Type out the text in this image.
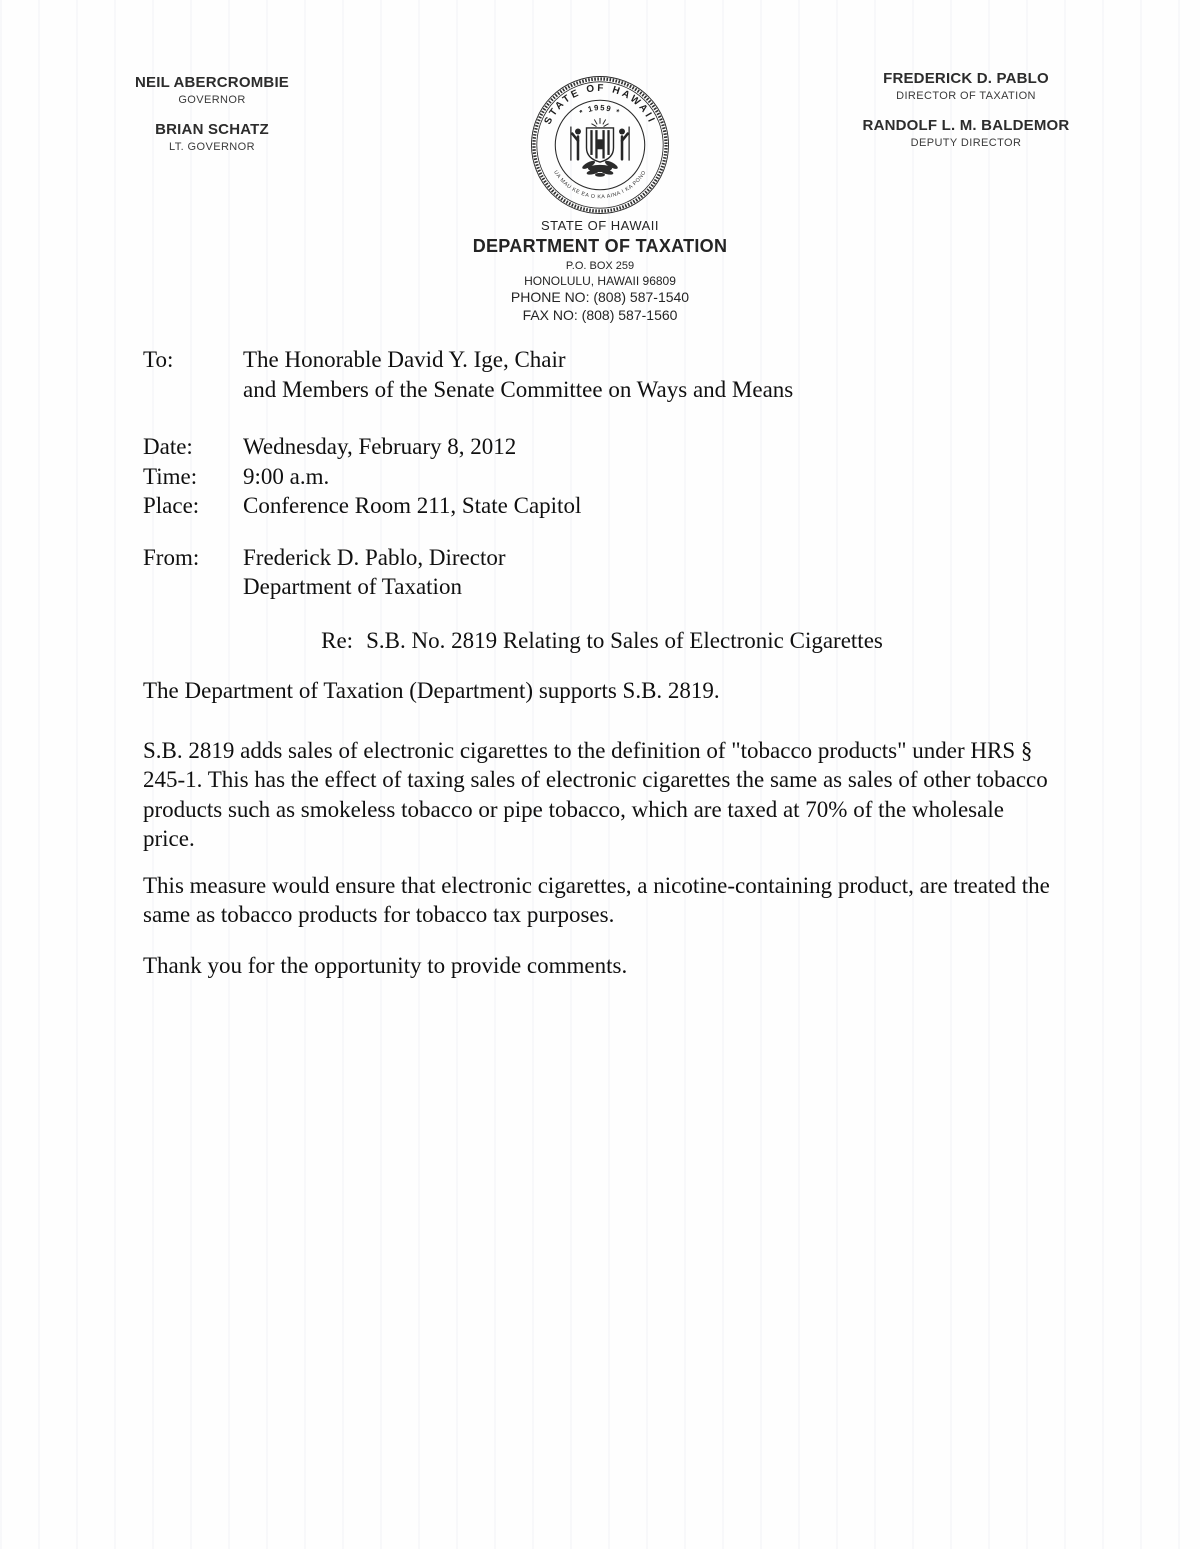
NEIL ABERCROMBIE
GOVERNOR
BRIAN SCHATZ
LT. GOVERNOR
STATE OF HAWAII
UA MAU KE EA O KA AINA I KA PONO
* 1959 *
FREDERICK D. PABLO
DIRECTOR OF TAXATION
RANDOLF L. M. BALDEMOR
DEPUTY DIRECTOR
STATE OF HAWAII
DEPARTMENT OF TAXATION
P.O. BOX 259
HONOLULU, HAWAII 96809
PHONE NO: (808) 587-1540
FAX NO: (808) 587-1560
To:	The Honorable David Y. Ige, Chair
and Members of the Senate Committee on Ways and Means
Date:	Wednesday, February 8, 2012
Time:	9:00 a.m.
Place:	Conference Room 211, State Capitol
From:	Frederick D. Pablo, Director
Department of Taxation
Re: S.B. No. 2819 Relating to Sales of Electronic Cigarettes

The Department of Taxation (Department) supports S.B. 2819.

S.B. 2819 adds sales of electronic cigarettes to the definition of "tobacco products" under HRS § 245-1. This has the effect of taxing sales of electronic cigarettes the same as sales of other tobacco products such as smokeless tobacco or pipe tobacco, which are taxed at 70% of the wholesale price.

This measure would ensure that electronic cigarettes, a nicotine-containing product, are treated the same as tobacco products for tobacco tax purposes.

Thank you for the opportunity to provide comments.
